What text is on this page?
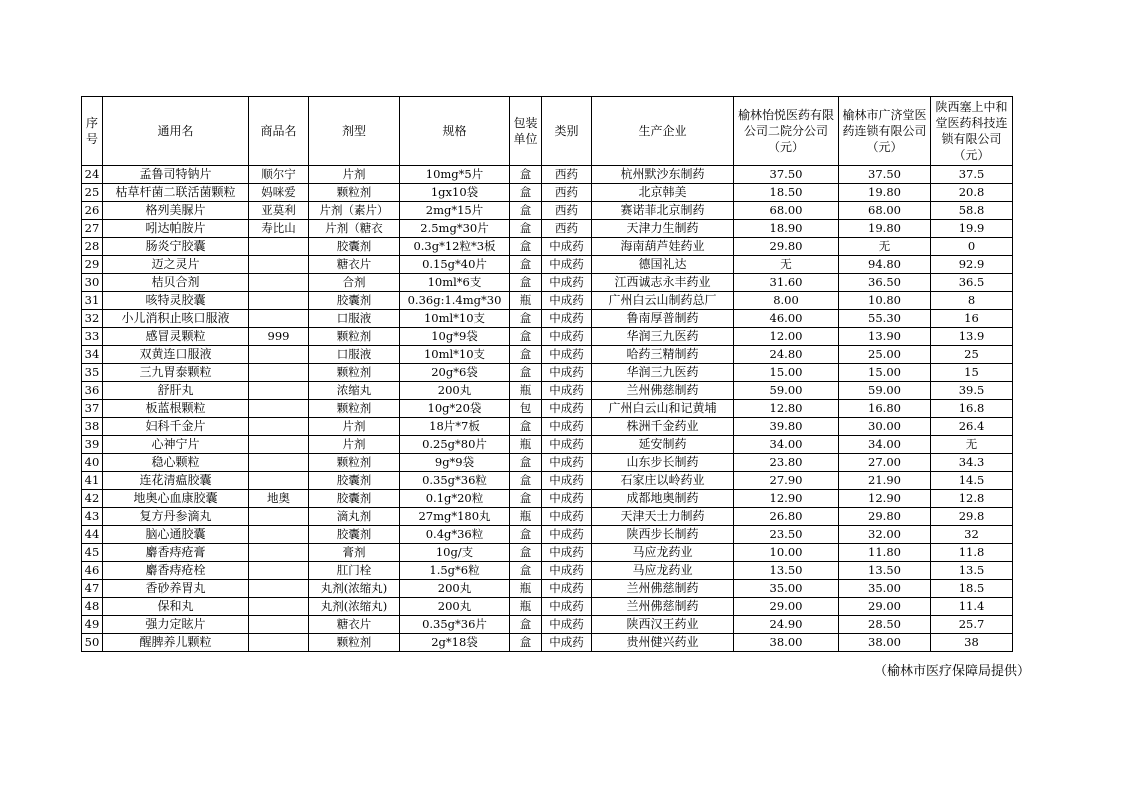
序号	通用名	商品名	剂型	规格	包装单位	类别	生产企业	榆林怡悦医药有限公司二院分公司（元）	榆林市广济堂医药连锁有限公司（元）	陕西塞上中和堂医药科技连锁有限公司（元）
24	孟鲁司特钠片	顺尔宁	片剂	10mg*5片	盒	西药	杭州默沙东制药	37.50	37.50	37.5
25	枯草杆菌二联活菌颗粒	妈咪爱	颗粒剂	1gx10袋	盒	西药	北京韩美	18.50	19.80	20.8
26	格列美脲片	亚莫利	片剂（素片）	2mg*15片	盒	西药	赛诺菲北京制药	68.00	68.00	58.8
27	吲达帕胺片	寿比山	片剂（糖衣	2.5mg*30片	盒	西药	天津力生制药	18.90	19.80	19.9
28	肠炎宁胶囊		胶囊剂	0.3g*12粒*3板	盒	中成药	海南葫芦娃药业	29.80	无	0
29	迈之灵片		糖衣片	0.15g*40片	盒	中成药	德国礼达	无	94.80	92.9
30	桔贝合剂		合剂	10ml*6支	盒	中成药	江西诚志永丰药业	31.60	36.50	36.5
31	咳特灵胶囊		胶囊剂	0.36g:1.4mg*30	瓶	中成药	广州白云山制药总厂	8.00	10.80	8
32	小儿消积止咳口服液		口服液	10ml*10支	盒	中成药	鲁南厚普制药	46.00	55.30	16
33	感冒灵颗粒	999	颗粒剂	10g*9袋	盒	中成药	华润三九医药	12.00	13.90	13.9
34	双黄连口服液		口服液	10ml*10支	盒	中成药	哈药三精制药	24.80	25.00	25
35	三九胃泰颗粒		颗粒剂	20g*6袋	盒	中成药	华润三九医药	15.00	15.00	15
36	舒肝丸		浓缩丸	200丸	瓶	中成药	兰州佛慈制药	59.00	59.00	39.5
37	板蓝根颗粒		颗粒剂	10g*20袋	包	中成药	广州白云山和记黄埔	12.80	16.80	16.8
38	妇科千金片		片剂	18片*7板	盒	中成药	株洲千金药业	39.80	30.00	26.4
39	心神宁片		片剂	0.25g*80片	瓶	中成药	延安制药	34.00	34.00	无
40	稳心颗粒		颗粒剂	9g*9袋	盒	中成药	山东步长制药	23.80	27.00	34.3
41	连花清瘟胶囊		胶囊剂	0.35g*36粒	盒	中成药	石家庄以岭药业	27.90	21.90	14.5
42	地奥心血康胶囊	地奥	胶囊剂	0.1g*20粒	盒	中成药	成都地奥制药	12.90	12.90	12.8
43	复方丹参滴丸		滴丸剂	27mg*180丸	瓶	中成药	天津天士力制药	26.80	29.80	29.8
44	脑心通胶囊		胶囊剂	0.4g*36粒	盒	中成药	陕西步长制药	23.50	32.00	32
45	麝香痔疮膏		膏剂	10g/支	盒	中成药	马应龙药业	10.00	11.80	11.8
46	麝香痔疮栓		肛门栓	1.5g*6粒	盒	中成药	马应龙药业	13.50	13.50	13.5
47	香砂养胃丸		丸剂(浓缩丸)	200丸	瓶	中成药	兰州佛慈制药	35.00	35.00	18.5
48	保和丸		丸剂(浓缩丸)	200丸	瓶	中成药	兰州佛慈制药	29.00	29.00	11.4
49	强力定眩片		糖衣片	0.35g*36片	盒	中成药	陕西汉王药业	24.90	28.50	25.7
50	醒脾养儿颗粒		颗粒剂	2g*18袋	盒	中成药	贵州健兴药业	38.00	38.00	38
（榆林市医疗保障局提供）
